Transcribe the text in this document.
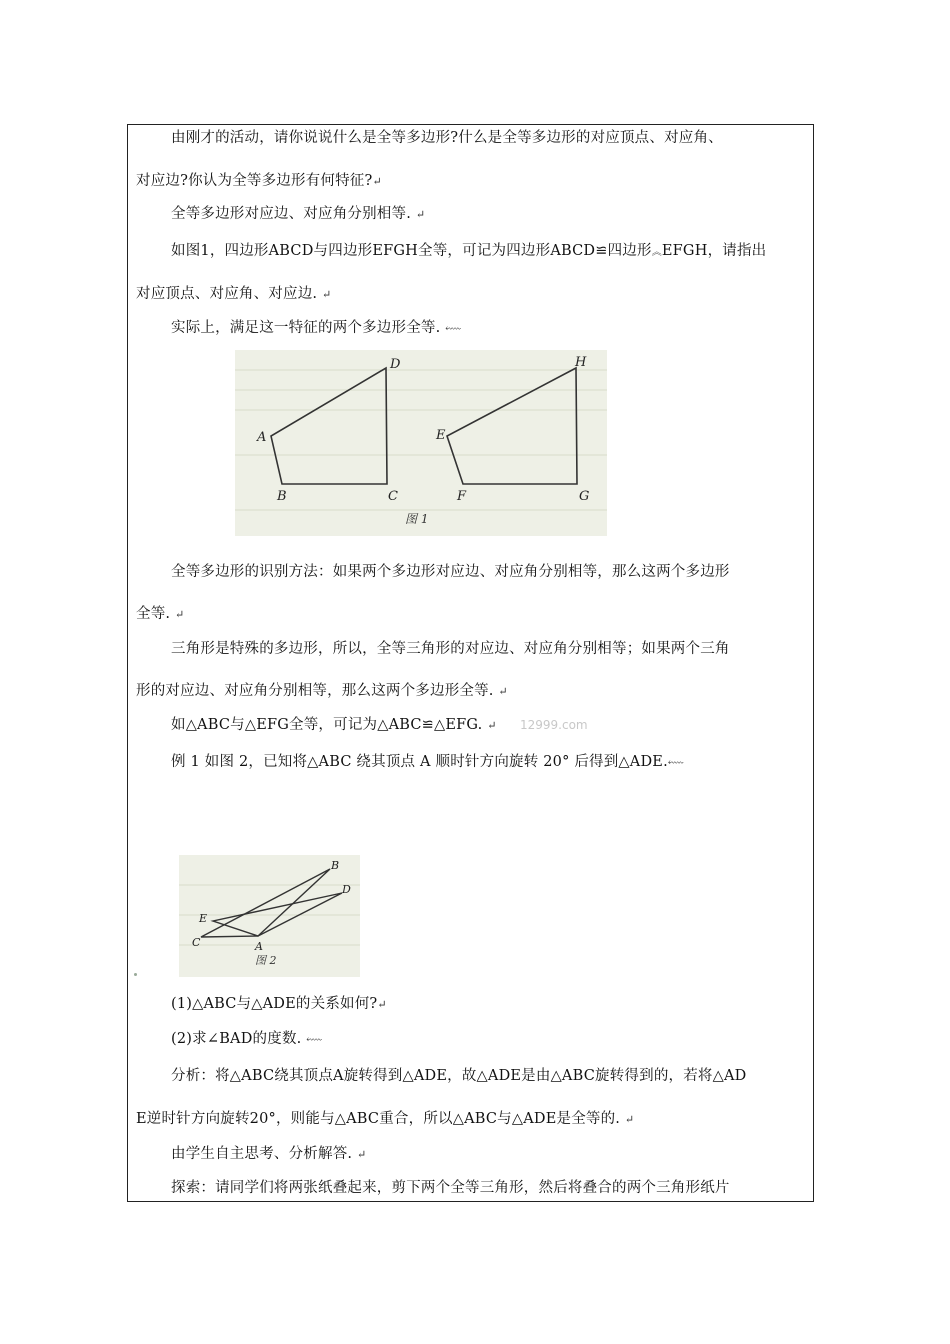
由刚才的活动，请你说说什么是全等多边形?什么是全等多边形的对应顶点、对应角、
对应边?你认为全等多边形有何特征?↵
全等多边形对应边、对应角分别相等. ↵
如图1，四边形ABCD与四边形EFGH全等，可记为四边形ABCD≌四边形︽EFGH，请指出
对应顶点、对应角、对应边. ↵
实际上，满足这一特征的两个多边形全等. ⬳
A
B	C
D
E
F	G
H
图 1
全等多边形的识别方法：如果两个多边形对应边、对应角分别相等，那么这两个多边形
全等. ↵
三角形是特殊的多边形，所以，全等三角形的对应边、对应角分别相等；如果两个三角
形的对应边、对应角分别相等，那么这两个多边形全等. ↵
如△ABC与△EFG全等，可记为△ABC≌△EFG. ↵ 12999.com
例 1 如图 2，已知将△ABC 绕其顶点 A 顺时针方向旋转 20° 后得到△ADE.⬳
A
B
C
D
E
图 2
(1)△ABC与△ADE的关系如何?↵
(2)求∠BAD的度数. ⬳
分析：将△ABC绕其顶点A旋转得到△ADE，故△ADE是由△ABC旋转得到的，若将△AD
E逆时针方向旋转20°，则能与△ABC重合，所以△ABC与△ADE是全等的. ↵
由学生自主思考、分析解答. ↵
探索：请同学们将两张纸叠起来，剪下两个全等三角形，然后将叠合的两个三角形纸片
